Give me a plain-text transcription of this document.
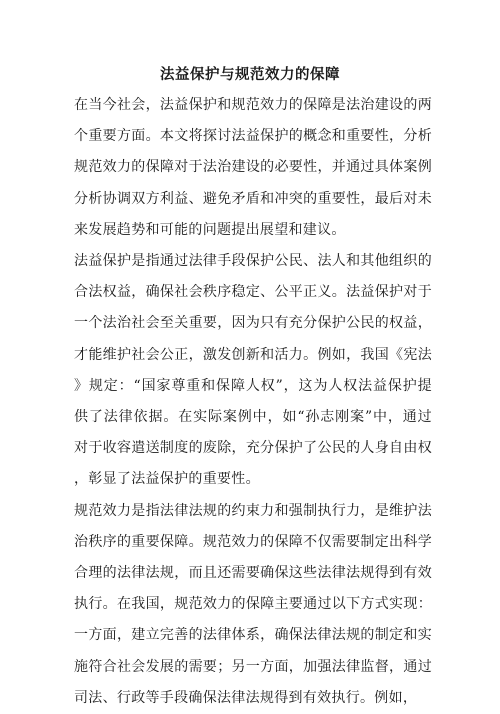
法益保护与规范效力的保障

在当今社会，法益保护和规范效力的保障是法治建设的两个重要方面。本文将探讨法益保护的概念和重要性，分析规范效力的保障对于法治建设的必要性，并通过具体案例分析协调双方利益、避免矛盾和冲突的重要性，最后对未来发展趋势和可能的问题提出展望和建议。

法益保护是指通过法律手段保护公民、法人和其他组织的合法权益，确保社会秩序稳定、公平正义。法益保护对于一个法治社会至关重要，因为只有充分保护公民的权益，才能维护社会公正，激发创新和活力。例如，我国《宪法》规定：“国家尊重和保障人权”，这为人权法益保护提供了法律依据。在实际案例中，如“孙志刚案”中，通过对于收容遣送制度的废除，充分保护了公民的人身自由权，彰显了法益保护的重要性。

规范效力是指法律法规的约束力和强制执行力，是维护法治秩序的重要保障。规范效力的保障不仅需要制定出科学合理的法律法规，而且还需要确保这些法律法规得到有效执行。在我国，规范效力的保障主要通过以下方式实现：一方面，建立完善的法律体系，确保法律法规的制定和实施符合社会发展的需要；另一方面，加强法律监督，通过司法、行政等手段确保法律法规得到有效执行。例如，
